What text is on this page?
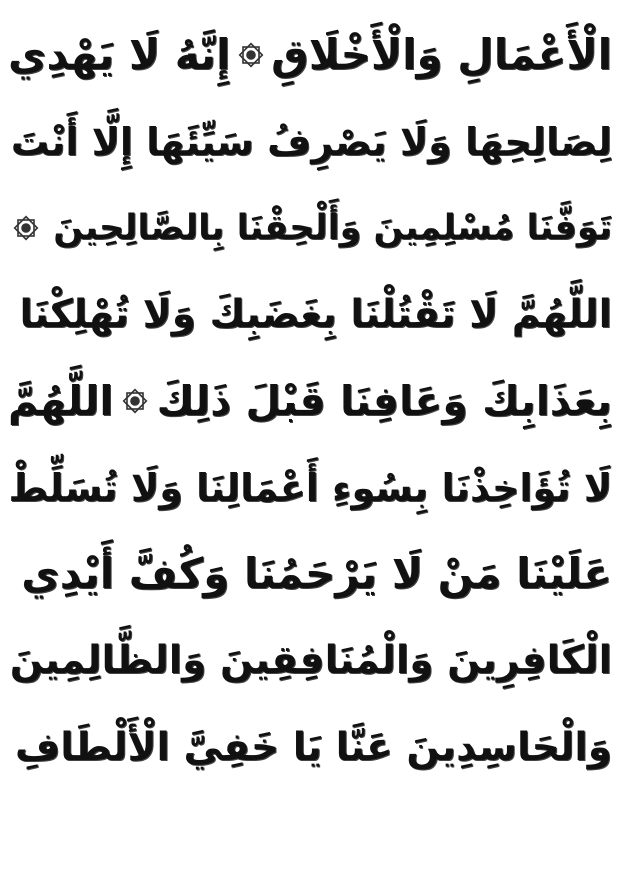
الْأَعْمَالِ وَالْأَخْلَاقِ
إِنَّهُ لَا يَهْدِي
لِصَالِحِهَا وَلَا يَصْرِفُ سَيِّئَهَا إِلَّا أَنْتَ
تَوَفَّنَا مُسْلِمِينَ وَأَلْحِقْنَا بِالصَّالِحِينَ
اللَّهُمَّ لَا تَقْتُلْنَا بِغَضَبِكَ وَلَا تُهْلِكْنَا
بِعَذَابِكَ وَعَافِنَا قَبْلَ ذَلِكَ
اللَّهُمَّ
لَا تُؤَاخِذْنَا بِسُوءِ أَعْمَالِنَا وَلَا تُسَلِّطْ
عَلَيْنَا مَنْ لَا يَرْحَمُنَا وَكُفَّ أَيْدِي
الْكَافِرِينَ وَالْمُنَافِقِينَ وَالظَّالِمِينَ
وَالْحَاسِدِينَ عَنَّا يَا خَفِيَّ الْأَلْطَافِ
